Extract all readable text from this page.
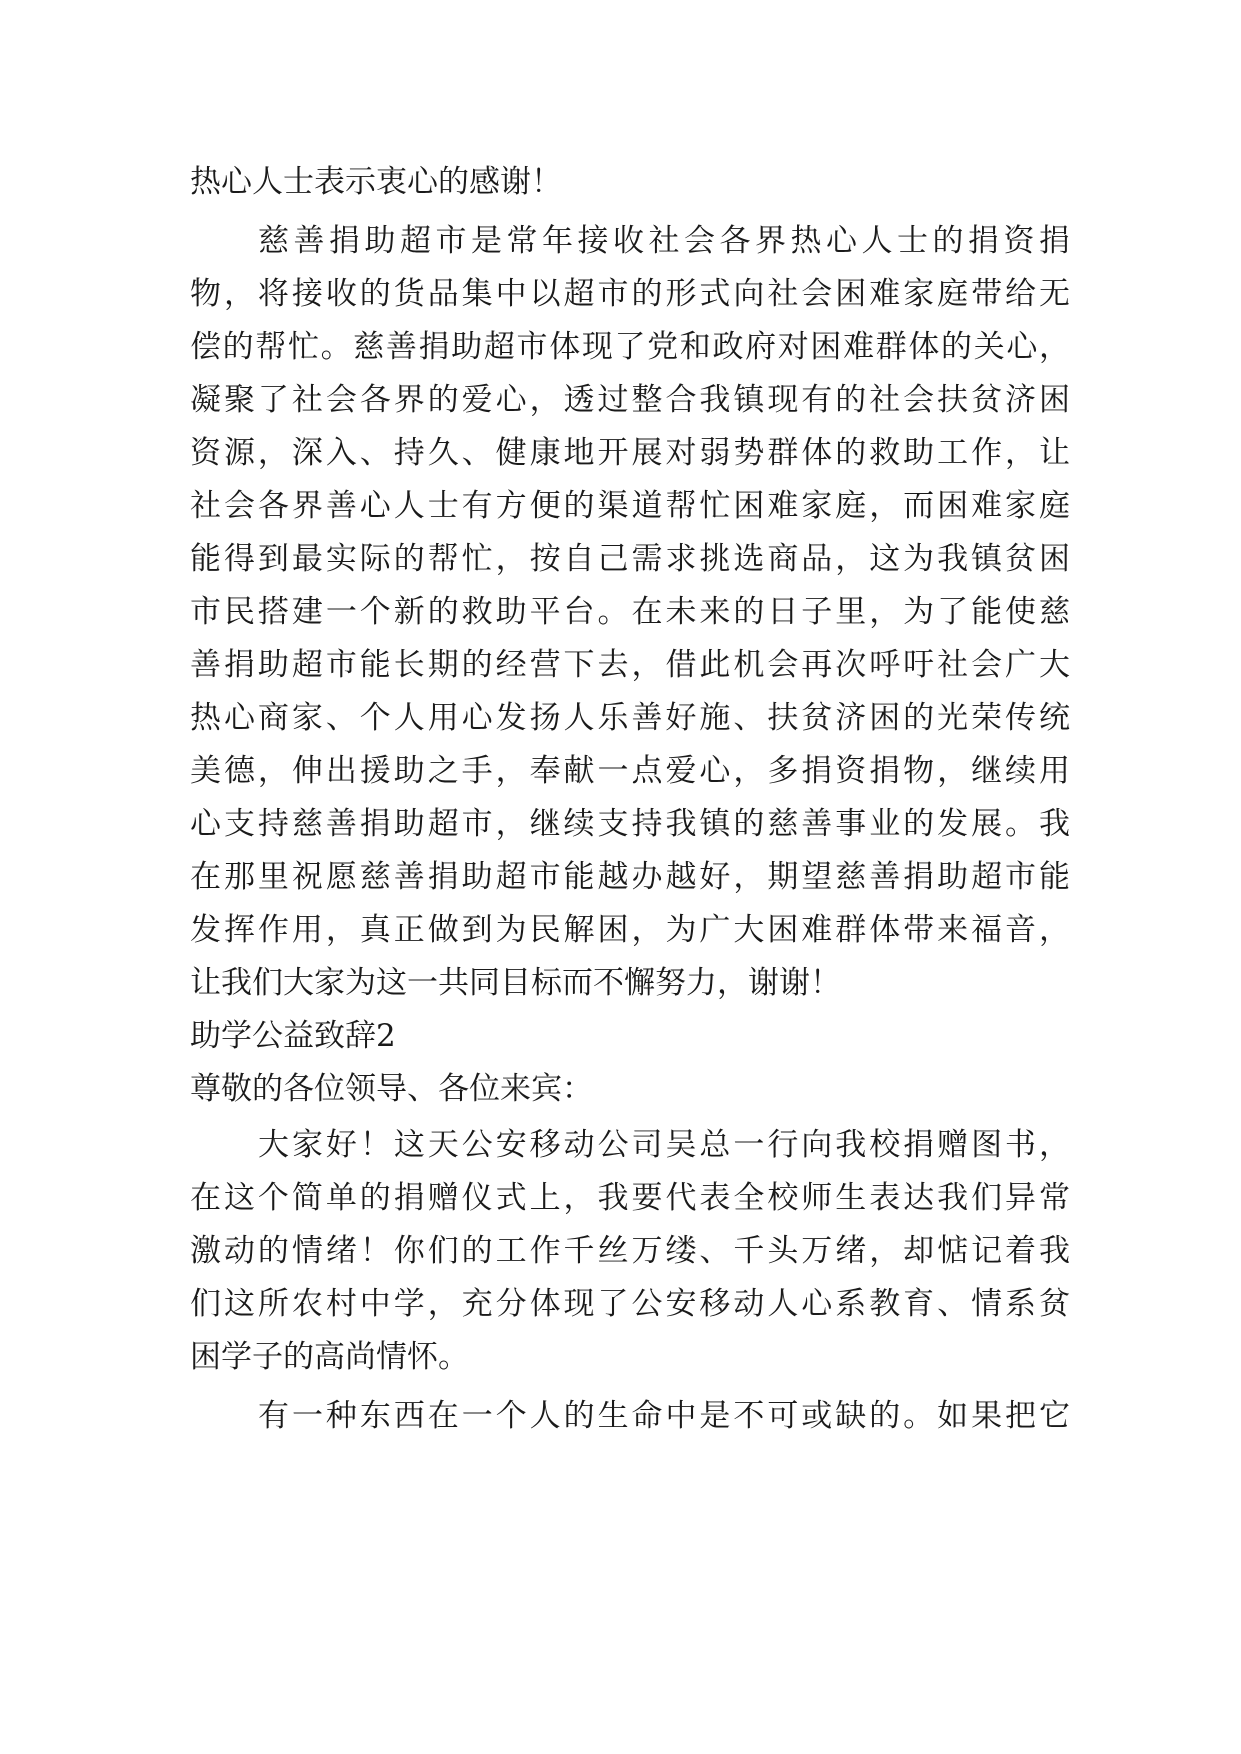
热心人士表示衷心的感谢！
慈善捐助超市是常年接收社会各界热心人士的捐资捐
物，将接收的货品集中以超市的形式向社会困难家庭带给无
偿的帮忙。慈善捐助超市体现了党和政府对困难群体的关心，
凝聚了社会各界的爱心，透过整合我镇现有的社会扶贫济困
资源，深入、持久、健康地开展对弱势群体的救助工作，让
社会各界善心人士有方便的渠道帮忙困难家庭，而困难家庭
能得到最实际的帮忙，按自己需求挑选商品，这为我镇贫困
市民搭建一个新的救助平台。在未来的日子里，为了能使慈
善捐助超市能长期的经营下去，借此机会再次呼吁社会广大
热心商家、个人用心发扬人乐善好施、扶贫济困的光荣传统
美德，伸出援助之手，奉献一点爱心，多捐资捐物，继续用
心支持慈善捐助超市，继续支持我镇的慈善事业的发展。我
在那里祝愿慈善捐助超市能越办越好，期望慈善捐助超市能
发挥作用，真正做到为民解困，为广大困难群体带来福音，
让我们大家为这一共同目标而不懈努力，谢谢！
助学公益致辞2
尊敬的各位领导、各位来宾：
大家好！这天公安移动公司吴总一行向我校捐赠图书，
在这个简单的捐赠仪式上，我要代表全校师生表达我们异常
激动的情绪！你们的工作千丝万缕、千头万绪，却惦记着我
们这所农村中学，充分体现了公安移动人心系教育、情系贫
困学子的高尚情怀。
有一种东西在一个人的生命中是不可或缺的。如果把它
